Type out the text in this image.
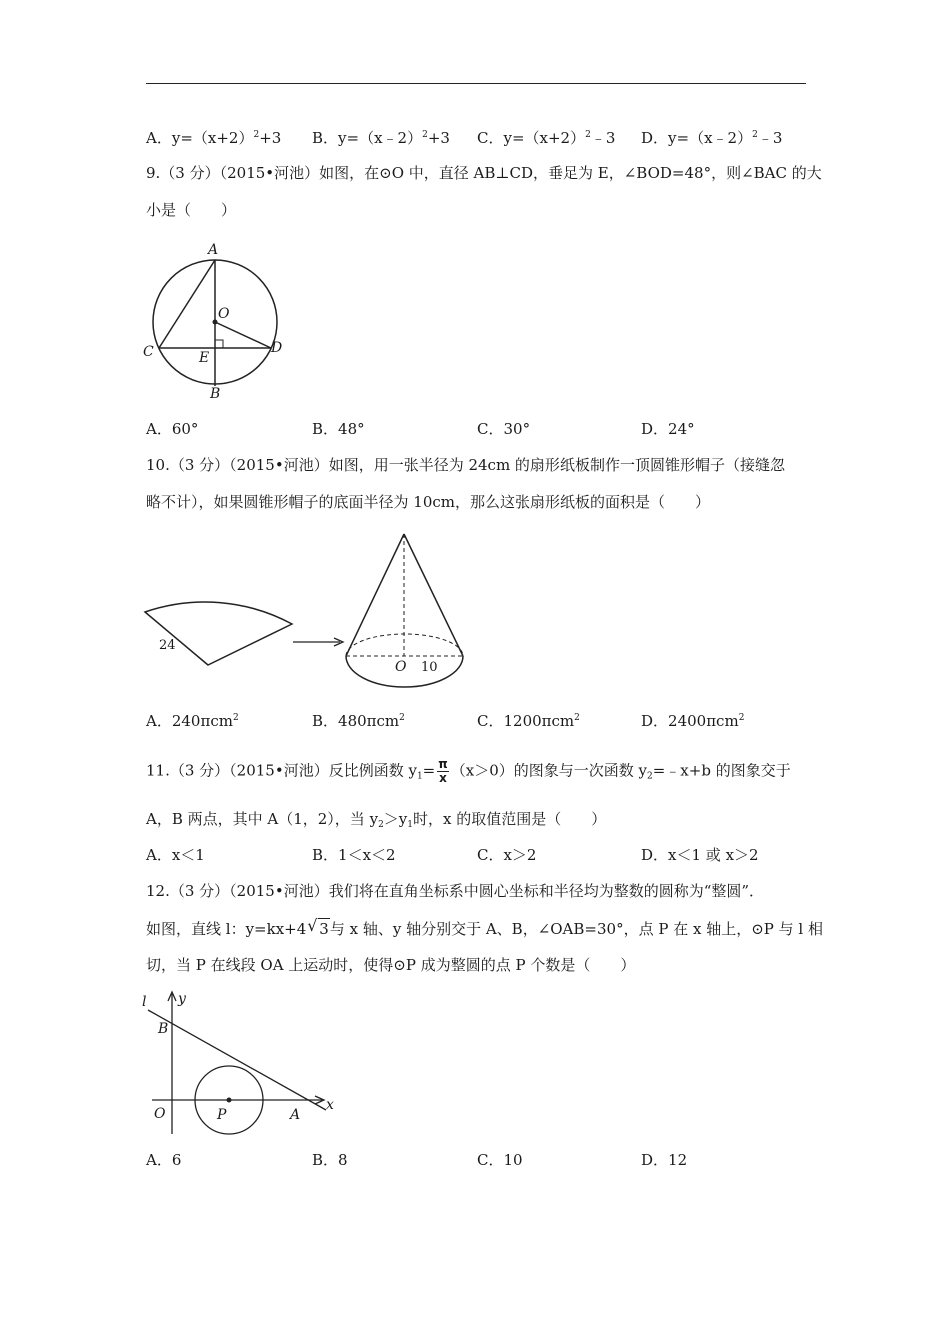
A．$y=(x+2)^2+3$ B．y=（x﹣2）$^2$+3 C．$y=(x+2)^2﹣3$ D．y=（x﹣2）$^2$﹣3
9.（3 分）（2015•河池）如图，在⊙O 中，直径 AB⊥CD，垂足为 E，∠BOD=48°，则∠BAC 的大
小是（　　）
A
O
C	D
E
B
A．60°	B．48°	C．30°	D．24°
10.（3 分）（2015•河池）如图，用一张半径为 24cm 的扇形纸板制作一顶圆锥形帽子（接缝忽
略不计），如果圆锥形帽子的底面半径为 10cm，那么这张扇形纸板的面积是（　　）
24
O 10
A．240πcm$^2$	B．480πcm$^2$	C．1200πcm$^2$	D．2400πcm$^2$
11.（3 分）（2015•河池）反比例函数 $y_1= \frac{\pi}{x} (x>0)$的图象与一次函数 $y_2=﹣x+b$ 的图象交于
A，B 两点，其中 A（1，2），当 $y_2>y_1$时，x 的取值范围是（　　）
A．x＜1	B．1＜x＜2	C．x＞2	D．x＜1 或 x＞2
12.（3 分）（2015•河池）我们将在直角坐标系中圆心坐标和半径均为整数的圆称为“整圆”．
如图，直线 l：y=kx+4√ 3与 x 轴、y 轴分别交于 A、B，∠OAB=30°，点 P 在 x 轴上，⊙P 与 l 相
切，当 P 在线段 OA 上运动时，使得⊙P 成为整圆的点 P 个数是（　　）
l y
B
O	P	A
x
A．6	B．8	C．10	D．12
